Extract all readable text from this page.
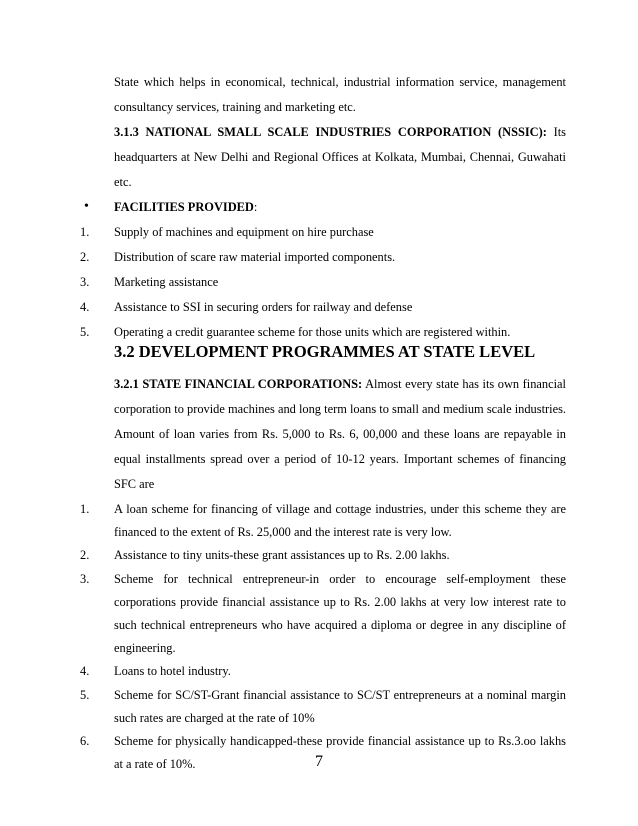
State which helps in economical, technical, industrial information service, management
consultancy services, training and marketing etc.
3.1.3 NATIONAL SMALL SCALE INDUSTRIES CORPORATION (NSSIC): Its
headquarters at New Delhi and Regional Offices at Kolkata, Mumbai, Chennai, Guwahati
etc.
• FACILITIES PROVIDED:
1. Supply of machines and equipment on hire purchase
2. Distribution of scare raw material imported components.
3. Marketing assistance
4. Assistance to SSI in securing orders for railway and defense
5. Operating a credit guarantee scheme for those units which are registered within.
3.2 DEVELOPMENT PROGRAMMES AT STATE LEVEL
3.2.1 STATE FINANCIAL CORPORATIONS: Almost every state has its own financial
corporation to provide machines and long term loans to small and medium scale industries.
Amount of loan varies from Rs. 5,000 to Rs. 6, 00,000 and these loans are repayable in
equal installments spread over a period of 10-12 years. Important schemes of financing
SFC are
1. A loan scheme for financing of village and cottage industries, under this scheme they are
financed to the extent of Rs. 25,000 and the interest rate is very low.
2. Assistance to tiny units-these grant assistances up to Rs. 2.00 lakhs.
3. Scheme for technical entrepreneur-in order to encourage self-employment these
corporations provide financial assistance up to Rs. 2.00 lakhs at very low interest rate to
such technical entrepreneurs who have acquired a diploma or degree in any discipline of
engineering.
4. Loans to hotel industry.
5. Scheme for SC/ST-Grant financial assistance to SC/ST entrepreneurs at a nominal margin
such rates are charged at the rate of 10%
7
6. Scheme for physically handicapped-these provide financial assistance up to Rs.3.oo lakhs
at a rate of 10%.
